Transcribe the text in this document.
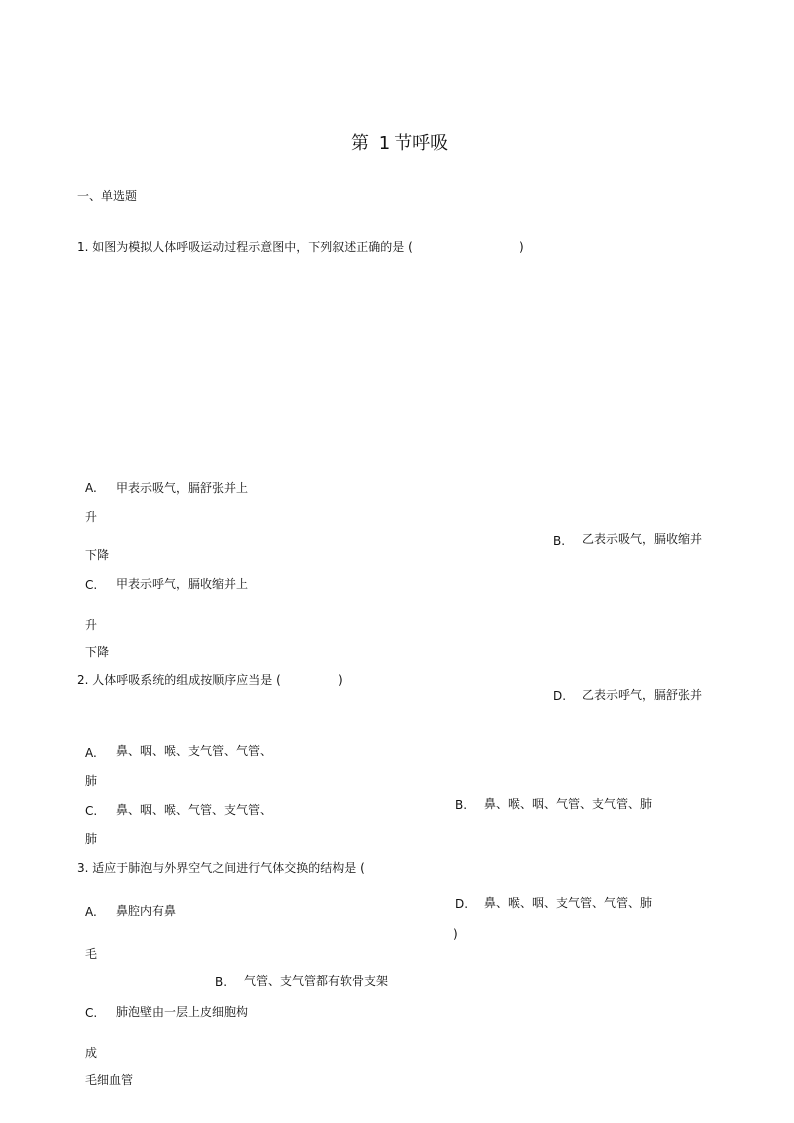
第 1 节呼吸
一、单选题
1. 如图为模拟人体呼吸运动过程示意图中，下列叙述正确的是 (	)
A. 甲表示吸气，膈舒张并上
升
B. 乙表示吸气，膈收缩并
下降
C. 甲表示呼气，膈收缩并上
升
下降
D. 乙表示呼气，膈舒张并
2. 人体呼吸系统的组成按顺序应当是 (	)
A. 鼻、咽、喉、支气管、气管、
肺
B. 鼻、喉、咽、气管、支气管、肺
C. 鼻、咽、喉、气管、支气管、
肺
D. 鼻、喉、咽、支气管、气管、肺
3. 适应于肺泡与外界空气之间进行气体交换的结构是 (
)
A. 鼻腔内有鼻
毛
B. 气管、支气管都有软骨支架
C. 肺泡壁由一层上皮细胞构
成
毛细血管
